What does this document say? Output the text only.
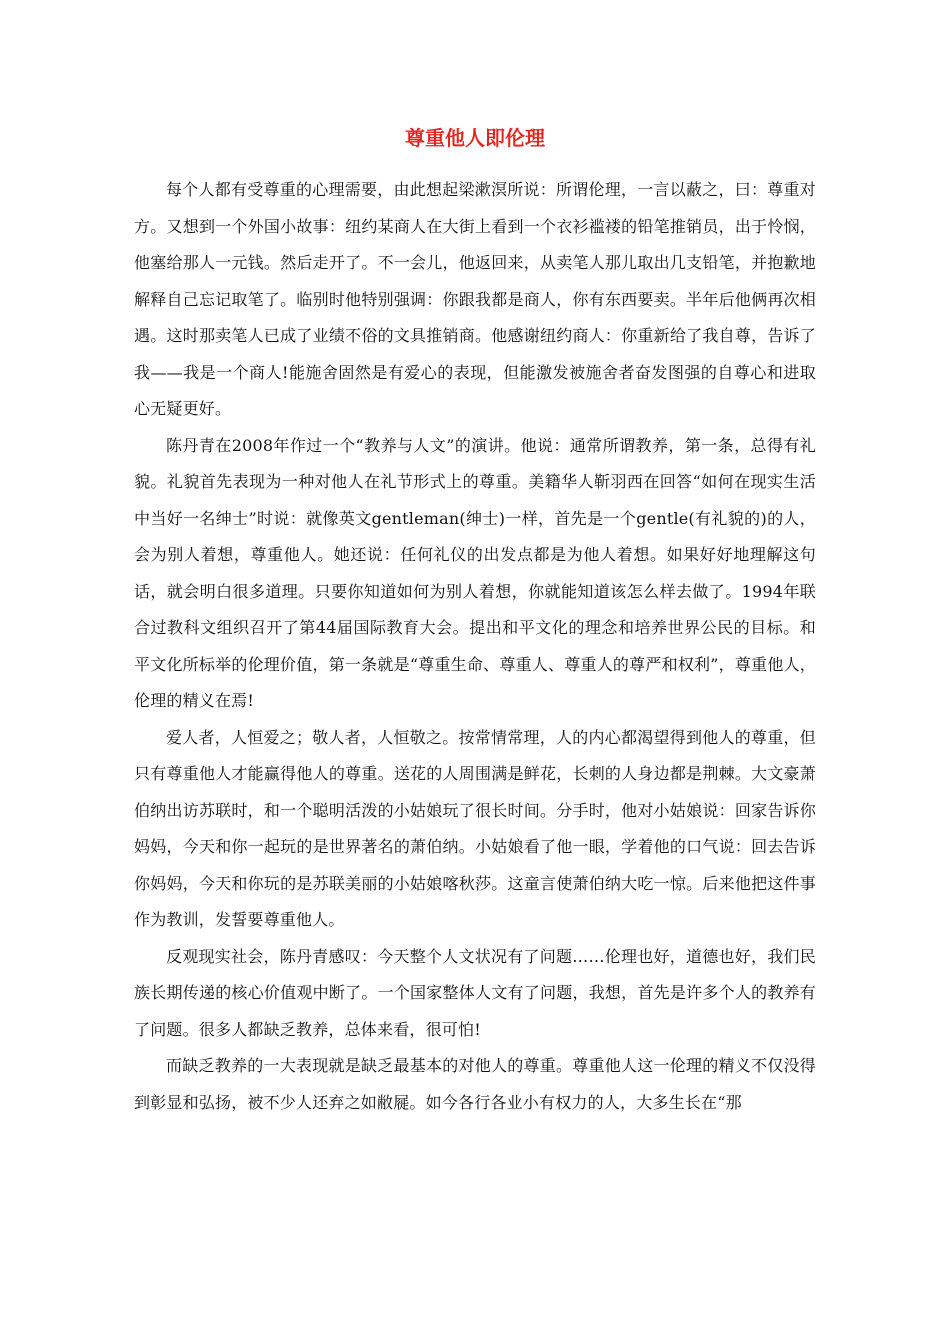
尊重他人即伦理

每个人都有受尊重的心理需要，由此想起梁漱溟所说：所谓伦理，一言以蔽之，曰：尊重对方。又想到一个外国小故事：纽约某商人在大街上看到一个衣衫褴褛的铅笔推销员，出于怜悯，他塞给那人一元钱。然后走开了。不一会儿，他返回来，从卖笔人那儿取出几支铅笔，并抱歉地解释自己忘记取笔了。临别时他特别强调：你跟我都是商人，你有东西要卖。半年后他俩再次相遇。这时那卖笔人已成了业绩不俗的文具推销商。他感谢纽约商人：你重新给了我自尊，告诉了我——我是一个商人!能施舍固然是有爱心的表现，但能激发被施舍者奋发图强的自尊心和进取心无疑更好。

陈丹青在2008年作过一个“教养与人文”的演讲。他说：通常所谓教养，第一条，总得有礼貌。礼貌首先表现为一种对他人在礼节形式上的尊重。美籍华人靳羽西在回答“如何在现实生活中当好一名绅士”时说：就像英文gentleman(绅士)一样，首先是一个gentle(有礼貌的)的人，会为别人着想，尊重他人。她还说：任何礼仪的出发点都是为他人着想。如果好好地理解这句话，就会明白很多道理。只要你知道如何为别人着想，你就能知道该怎么样去做了。1994年联合过教科文组织召开了第44届国际教育大会。提出和平文化的理念和培养世界公民的目标。和平文化所标举的伦理价值，第一条就是“尊重生命、尊重人、尊重人的尊严和权利”，尊重他人，伦理的精义在焉!

爱人者，人恒爱之；敬人者，人恒敬之。按常情常理，人的内心都渴望得到他人的尊重，但只有尊重他人才能赢得他人的尊重。送花的人周围满是鲜花，长刺的人身边都是荆棘。大文豪萧伯纳出访苏联时，和一个聪明活泼的小姑娘玩了很长时间。分手时，他对小姑娘说：回家告诉你妈妈，今天和你一起玩的是世界著名的萧伯纳。小姑娘看了他一眼，学着他的口气说：回去告诉你妈妈，今天和你玩的是苏联美丽的小姑娘喀秋莎。这童言使萧伯纳大吃一惊。后来他把这件事作为教训，发誓要尊重他人。

反观现实社会，陈丹青感叹：今天整个人文状况有了问题……伦理也好，道德也好，我们民族长期传递的核心价值观中断了。一个国家整体人文有了问题，我想，首先是许多个人的教养有了问题。很多人都缺乏教养，总体来看，很可怕!

而缺乏教养的一大表现就是缺乏最基本的对他人的尊重。尊重他人这一伦理的精义不仅没得到彰显和弘扬，被不少人还弃之如敝屣。如今各行各业小有权力的人，大多生长在“那
